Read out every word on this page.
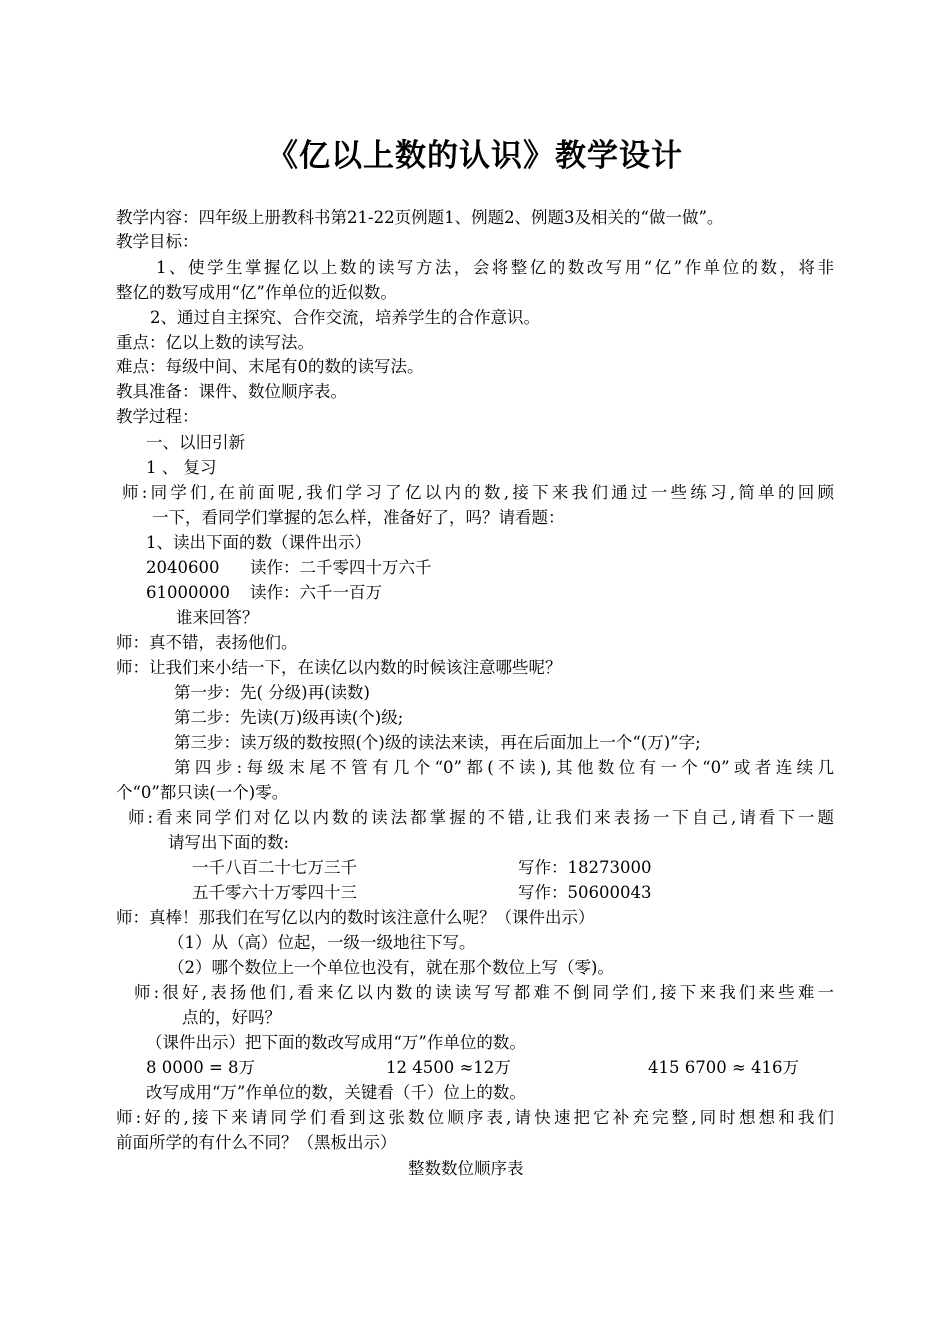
《亿以上数的认识》教学设计
教学内容：四年级上册教科书第21-22页例题1、例题2、例题3及相关的“做一做”。
教学目标：
1、使学生掌握亿以上数的读写方法，会将整亿的数改写用“亿”作单位的数，将非
整亿的数写成用“亿”作单位的近似数。
2、通过自主探究、合作交流，培养学生的合作意识。
重点：亿以上数的读写法。
难点：每级中间、末尾有0的数的读写法。
教具准备：课件、数位顺序表。
教学过程：
一、以旧引新
1 、 复习
师:同学们,在前面呢,我们学习了亿以内的数,接下来我们通过一些练习,简单的回顾
一下，看同学们掌握的怎么样，准备好了，吗？请看题：
1、读出下面的数（课件出示）
2040600 读作：二千零四十万六千
61000000 读作：六千一百万
谁来回答？
师：真不错，表扬他们。
师：让我们来小结一下，在读亿以内数的时候该注意哪些呢？
第一步：先( 分级)再(读数)
第二步：先读(万)级再读(个)级;
第三步：读万级的数按照(个)级的读法来读，再在后面加上一个“(万)”字;
第四步:每级末尾不管有几个“0”都(不读),其他数位有一个“0”或者连续几
个“0”都只读(一个)零。
师:看来同学们对亿以内数的读法都掌握的不错,让我们来表扬一下自己,请看下一题
请写出下面的数:
一千八百二十七万三千	写作：18273000
五千零六十万零四十三	写作：50600043
师：真棒！那我们在写亿以内的数时该注意什么呢？（课件出示）
（1）从（高）位起，一级一级地往下写。
（2）哪个数位上一个单位也没有，就在那个数位上写（零)。
师:很好,表扬他们,看来亿以内数的读读写写都难不倒同学们,接下来我们来些难一
点的，好吗？
（课件出示）把下面的数改写成用“万”作单位的数。
8 0000 = 8万	12 4500 ≈12万	415 6700 ≈ 416万
改写成用“万”作单位的数，关键看（千）位上的数。
师:好的,接下来请同学们看到这张数位顺序表,请快速把它补充完整,同时想想和我们
前面所学的有什么不同？（黑板出示）
整数数位顺序表
